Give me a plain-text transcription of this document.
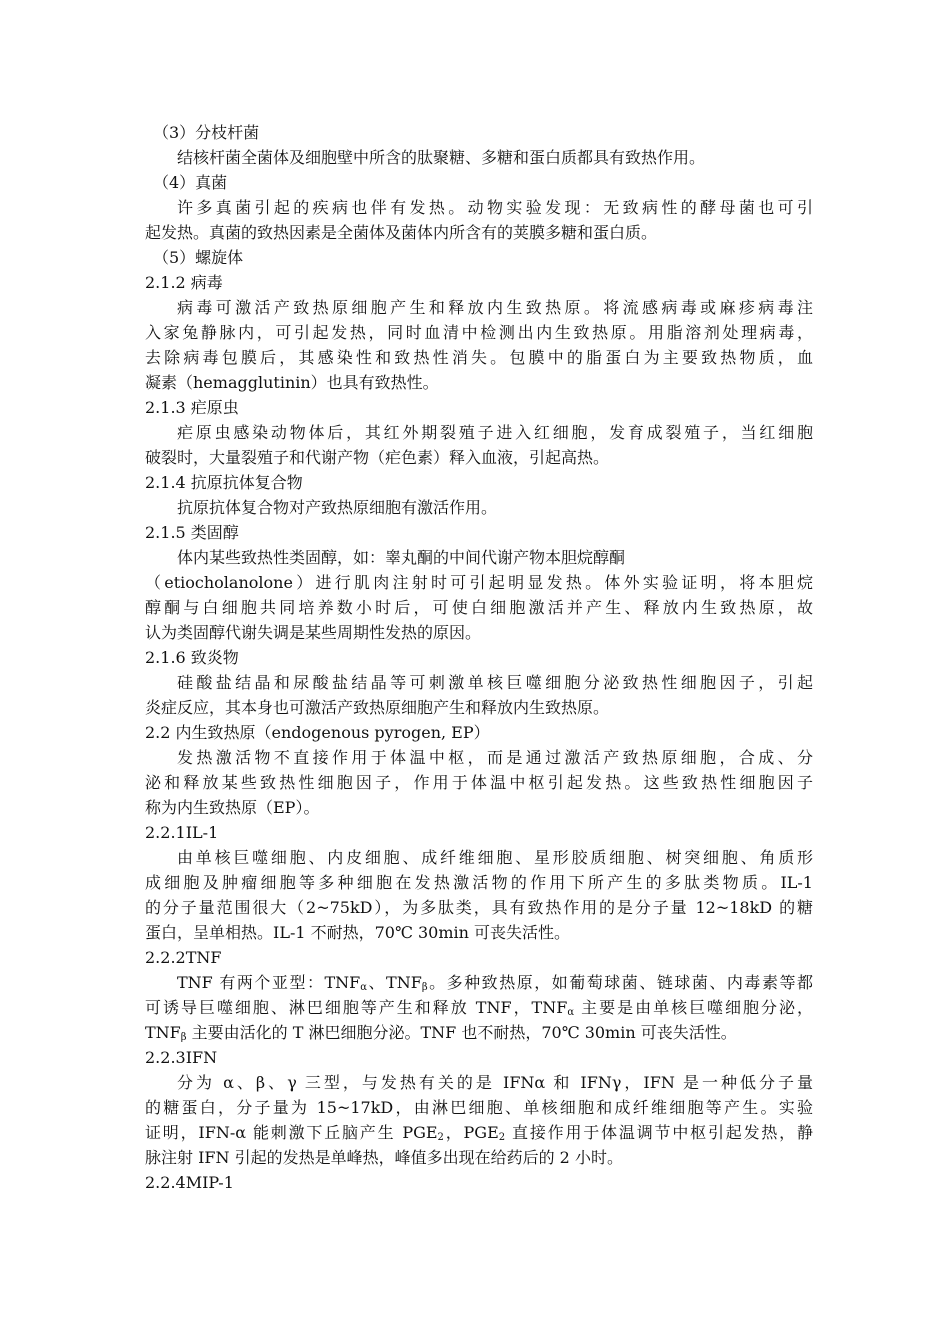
（3）分枝杆菌
结核杆菌全菌体及细胞壁中所含的肽聚糖、多糖和蛋白质都具有致热作用。
（4）真菌
许多真菌引起的疾病也伴有发热。动物实验发现：无致病性的酵母菌也可引
起发热。真菌的致热因素是全菌体及菌体内所含有的荚膜多糖和蛋白质。
（5）螺旋体
2.1.2 病毒
病毒可激活产致热原细胞产生和释放内生致热原。将流感病毒或麻疹病毒注
入家兔静脉内，可引起发热，同时血清中检测出内生致热原。用脂溶剂处理病毒，
去除病毒包膜后，其感染性和致热性消失。包膜中的脂蛋白为主要致热物质，血
凝素（hemagglutinin）也具有致热性。
2.1.3 疟原虫
疟原虫感染动物体后，其红外期裂殖子进入红细胞，发育成裂殖子，当红细胞
破裂时，大量裂殖子和代谢产物（疟色素）释入血液，引起高热。
2.1.4 抗原抗体复合物
抗原抗体复合物对产致热原细胞有激活作用。
2.1.5 类固醇
体内某些致热性类固醇，如：睾丸酮的中间代谢产物本胆烷醇酮
（etiocholanolone）进行肌肉注射时可引起明显发热。体外实验证明，将本胆烷
醇酮与白细胞共同培养数小时后，可使白细胞激活并产生、释放内生致热原，故
认为类固醇代谢失调是某些周期性发热的原因。
2.1.6 致炎物
硅酸盐结晶和尿酸盐结晶等可刺激单核巨噬细胞分泌致热性细胞因子，引起
炎症反应，其本身也可激活产致热原细胞产生和释放内生致热原。
2.2 内生致热原（endogenous pyrogen, EP）
发热激活物不直接作用于体温中枢，而是通过激活产致热原细胞，合成、分
泌和释放某些致热性细胞因子，作用于体温中枢引起发热。这些致热性细胞因子
称为内生致热原（EP）。
2.2.1IL-1
由单核巨噬细胞、内皮细胞、成纤维细胞、星形胶质细胞、树突细胞、角质形
成细胞及肿瘤细胞等多种细胞在发热激活物的作用下所产生的多肽类物质。IL-1
的分子量范围很大（2~75kD），为多肽类，具有致热作用的是分子量 12~18kD 的糖
蛋白，呈单相热。IL-1 不耐热，70℃ 30min 可丧失活性。
2.2.2TNF
TNF 有两个亚型：$TNF_\alpha$、$TNF_\beta$。多种致热原，如葡萄球菌、链球菌、内毒素等都
可诱导巨噬细胞、淋巴细胞等产生和释放 TNF，$TNF_\alpha$ 主要是由单核巨噬细胞分泌，
$TNF_\beta$ 主要由活化的 T 淋巴细胞分泌。TNF 也不耐热，70℃ 30min 可丧失活性。
2.2.3IFN
分为 α、β、γ 三型，与发热有关的是 IFNα 和 IFNγ，IFN 是一种低分子量
的糖蛋白，分子量为 15~17kD，由淋巴细胞、单核细胞和成纤维细胞等产生。实验
证明，IFN-α 能刺激下丘脑产生 $PGE_2$，$PGE_2$ 直接作用于体温调节中枢引起发热，静
脉注射 IFN 引起的发热是单峰热，峰值多出现在给药后的 2 小时。
2.2.4MIP-1
